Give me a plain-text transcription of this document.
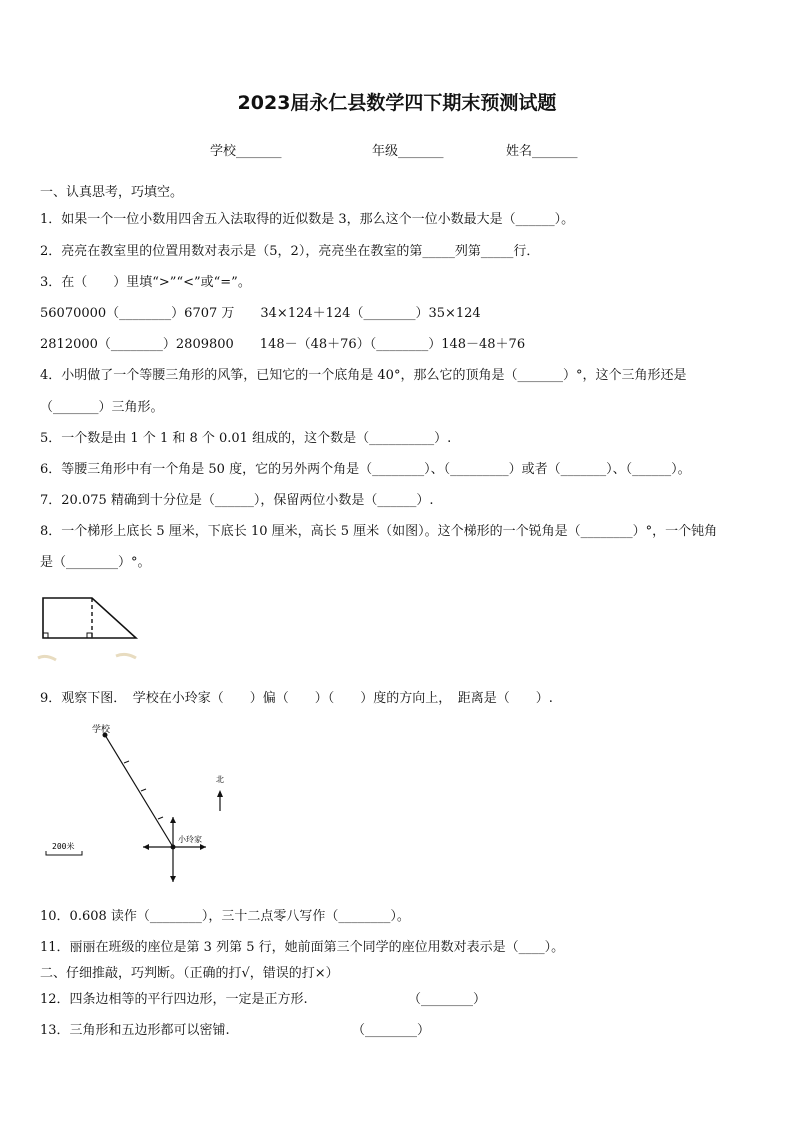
2023届永仁县数学四下期末预测试题
学校_______	年级_______	姓名_______
一、认真思考，巧填空。
1．如果一个一位小数用四舍五入法取得的近似数是 3，那么这个一位小数最大是（______）。
2．亮亮在教室里的位置用数对表示是（5，2），亮亮坐在教室的第_____列第_____行．
3．在（　　）里填“>”“<”或“=”。
56070000（________）6707 万　　34×124＋124（________）35×124
2812000（________）2809800　　148－（48＋76）（________）148－48＋76
4．小明做了一个等腰三角形的风筝，已知它的一个底角是 40°，那么它的顶角是（_______）°，这个三角形还是
（_______）三角形。
5．一个数是由 1 个 1 和 8 个 0.01 组成的，这个数是（__________）.
6．等腰三角形中有一个角是 50 度，它的另外两个角是（________）、（_________）或者（_______）、（______）。
7．20.075 精确到十分位是（______），保留两位小数是（______）.
8．一个梯形上底长 5 厘米，下底长 10 厘米，高长 5 厘米（如图）。这个梯形的一个锐角是（________）°，一个钝角
是（________）°。
9．观察下图．　学校在小玲家（　　）偏（　　）（　　）度的方向上，　距离是（　　）.
学校
小玲家
北
200米
10．0.608 读作（________），三十二点零八写作（________）。
11．丽丽在班级的座位是第 3 列第 5 行，她前面第三个同学的座位用数对表示是（____）。
二、仔细推敲，巧判断。（正确的打√，错误的打×）
12．四条边相等的平行四边形，一定是正方形.	（________）
13．三角形和五边形都可以密铺.	（________）
